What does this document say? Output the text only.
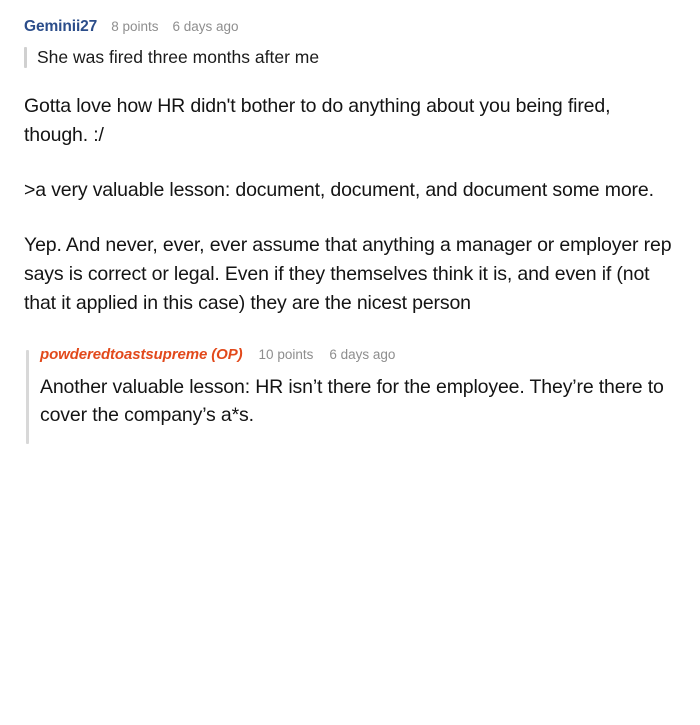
Geminii27 8 points 6 days ago
She was fired three months after me

Gotta love how HR didn't bother to do anything about you being fired, though. :/

>a very valuable lesson: document, document, and document some more.

Yep. And never, ever, ever assume that anything a manager or employer rep says is correct or legal. Even if they themselves think it is, and even if (not that it applied in this case) they are the nicest person

powderedtoastsupreme (OP) 10 points 6 days ago

Another valuable lesson: HR isn’t there for the employee. They’re there to cover the company’s a*s.
